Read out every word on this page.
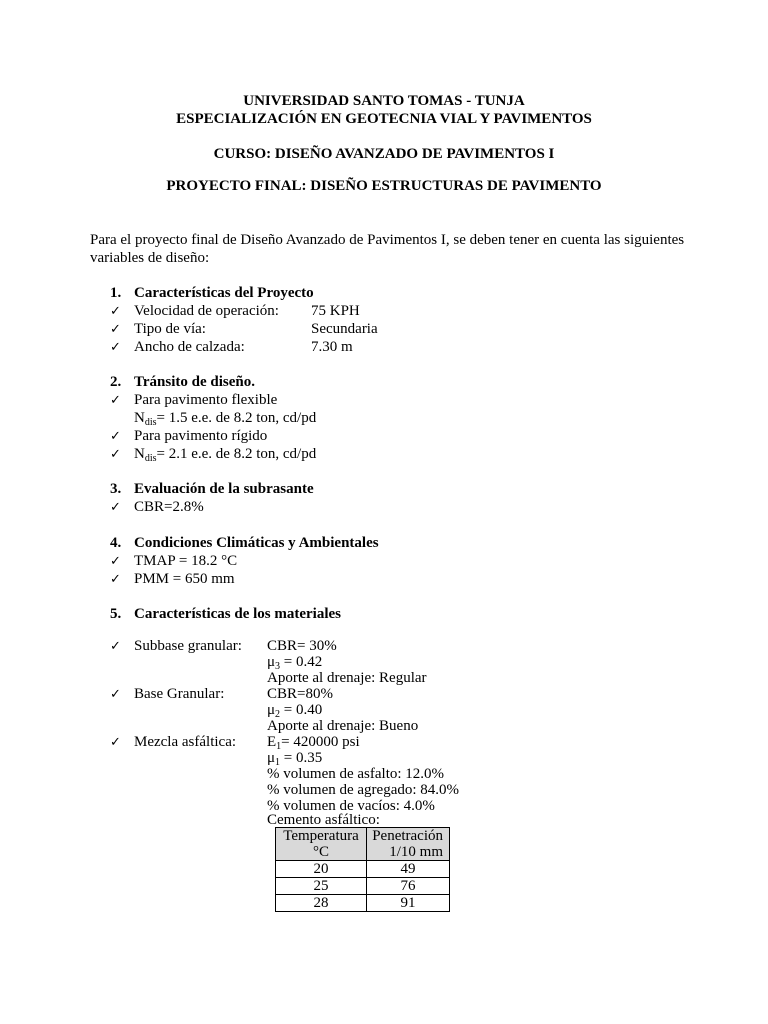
UNIVERSIDAD SANTO TOMAS - TUNJA
ESPECIALIZACIÓN EN GEOTECNIA VIAL Y PAVIMENTOS
CURSO: DISEÑO AVANZADO DE PAVIMENTOS I
PROYECTO FINAL: DISEÑO ESTRUCTURAS DE PAVIMENTO
Para el proyecto final de Diseño Avanzado de Pavimentos I, se deben tener en cuenta las siguientes
variables de diseño:
1. Características del Proyecto
✓ Velocidad de operación: 75 KPH
✓ Tipo de vía:	Secundaria
✓ Ancho de calzada:	7.30 m
2. Tránsito de diseño.
✓ Para pavimento flexible
$N_{dis}= 1.5$ e.e. de 8.2 ton, cd/pd
✓ Para pavimento rígido
✓ $N_{dis}= 2.1$ e.e. de 8.2 ton, cd/pd
3. Evaluación de la subrasante
✓ CBR=2.8%
4. Condiciones Climáticas y Ambientales
✓ TMAP = 18.2 °C
✓ PMM = 650 mm
5. Características de los materiales
✓ Subbase granular: CBR= 30%
$\mu_3 = 0.42$
Aporte al drenaje: Regular
✓ Base Granular:	CBR=80%
$\mu_2 = 0.40$
Aporte al drenaje: Bueno
✓ Mezcla asfáltica: $E_1= 420000$ psi
$\mu_1 = 0.35$
% volumen de asfalto: 12.0%
% volumen de agregado: 84.0%
% volumen de vacíos: 4.0%
Cemento asfáltico:
Temperatura
°C	Penetración
1/10 mm

20	49
25	76
28	91
